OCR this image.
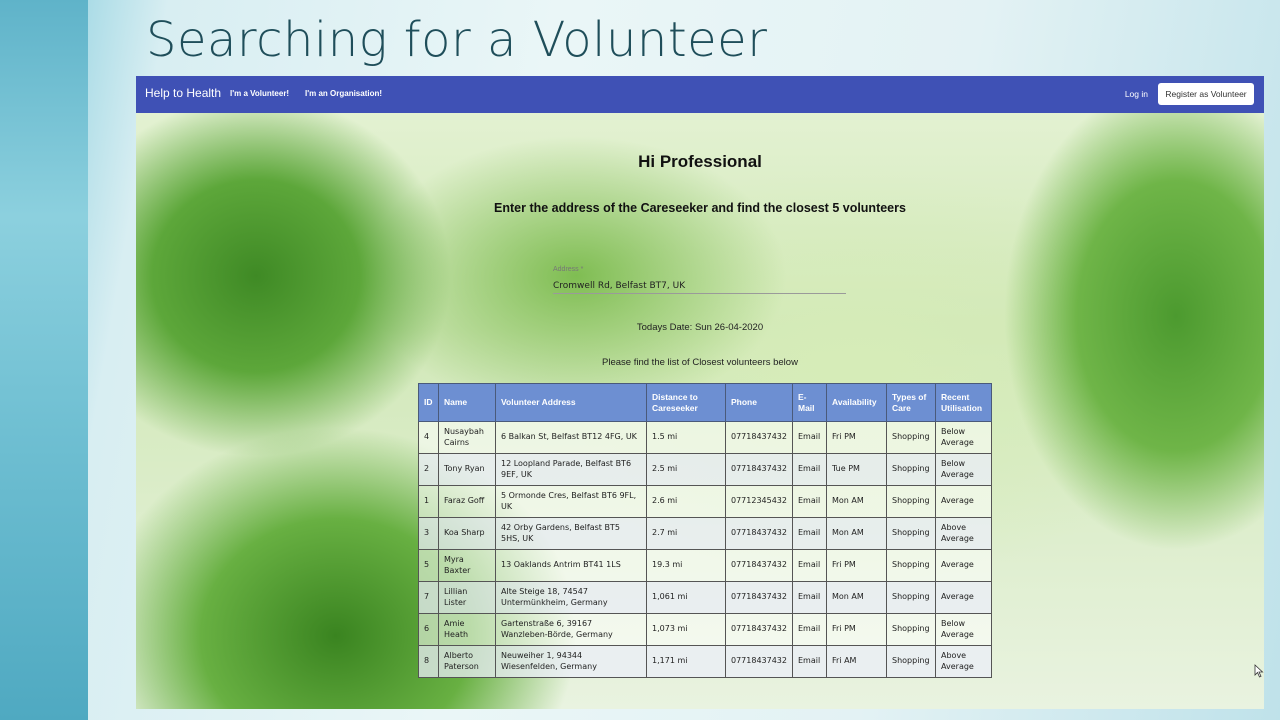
Searching for a Volunteer
Help to Health I'm a Volunteer! I'm an Organisation!	Log in	Register as Volunteer
Hi Professional
Enter the address of the Careseeker and find the closest 5 volunteers
Address *
Cromwell Rd, Belfast BT7, UK
Todays Date: Sun 26-04-2020
Please find the list of Closest volunteers below
ID	Name	Volunteer Address	Distance to Careseeker	Phone	E-Mail	Availability	Types of Care	Recent Utilisation
4	Nusaybah Cairns	6 Balkan St, Belfast BT12 4FG, UK	1.5 mi	07718437432	Email	Fri PM	Shopping	Below Average
2	Tony Ryan	12 Loopland Parade, Belfast BT6 9EF, UK	2.5 mi	07718437432	Email	Tue PM	Shopping	Below Average
1	Faraz Goff	5 Ormonde Cres, Belfast BT6 9FL, UK	2.6 mi	07712345432	Email	Mon AM	Shopping	Average
3	Koa Sharp	42 Orby Gardens, Belfast BT5 5HS, UK	2.7 mi	07718437432	Email	Mon AM	Shopping	Above Average
5	Myra Baxter	13 Oaklands Antrim BT41 1LS	19.3 mi	07718437432	Email	Fri PM	Shopping	Average
7	Lillian Lister	Alte Steige 18, 74547 Untermünkheim, Germany	1,061 mi	07718437432	Email	Mon AM	Shopping	Average
6	Amie Heath	Gartenstraße 6, 39167 Wanzleben-Börde, Germany	1,073 mi	07718437432	Email	Fri PM	Shopping	Below Average
8	Alberto Paterson	Neuweiher 1, 94344 Wiesenfelden, Germany	1,171 mi	07718437432	Email	Fri AM	Shopping	Above Average
